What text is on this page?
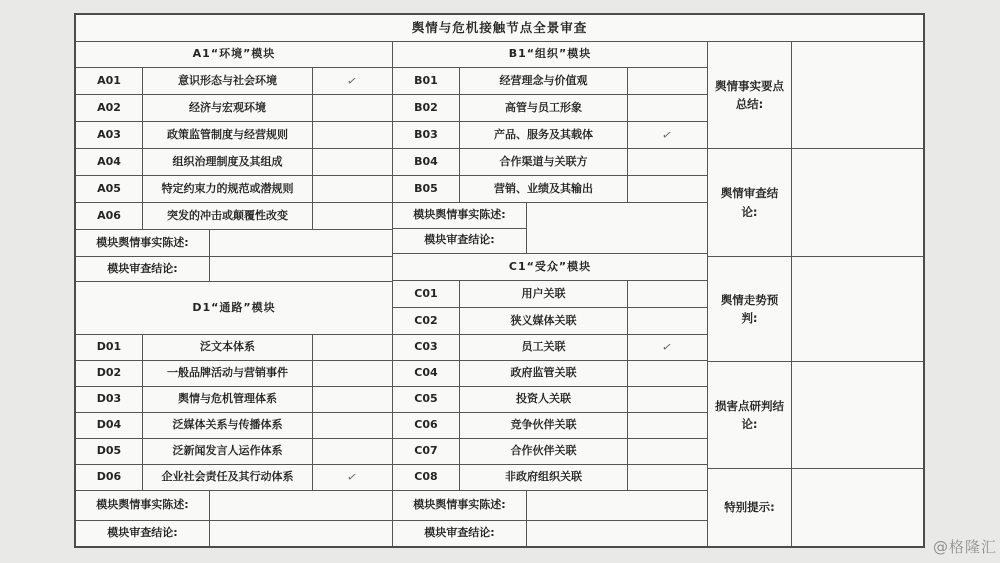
舆情与危机接触节点全景审查
A1“环境”模块
A01	意识形态与社会环境	✓
A02	经济与宏观环境
A03	政策监管制度与经营规则
A04	组织治理制度及其组成
A05	特定约束力的规范或潜规则
A06	突发的冲击或颠覆性改变
模块舆情事实陈述:
模块审查结论:
D1“通路”模块
D01	泛文本体系
D02	一般品牌活动与营销事件
D03	舆情与危机管理体系
D04	泛媒体关系与传播体系
D05	泛新闻发言人运作体系
D06	企业社会责任及其行动体系	✓
模块舆情事实陈述:
模块审查结论:
B1“组织”模块
B01	经营理念与价值观
B02	高管与员工形象
B03	产品、服务及其载体	✓
B04	合作渠道与关联方
B05	营销、业绩及其输出
模块舆情事实陈述:
模块审查结论:
C1“受众”模块
C01	用户关联
C02	狭义媒体关联
C03	员工关联	✓
C04	政府监管关联
C05	投资人关联
C06	竞争伙伴关联
C07	合作伙伴关联
C08	非政府组织关联
模块舆情事实陈述:
模块审查结论:
舆情事实要点总结:
舆情审查结论:
舆情走势预判:
损害点研判结论:
特别提示:
@格隆汇
